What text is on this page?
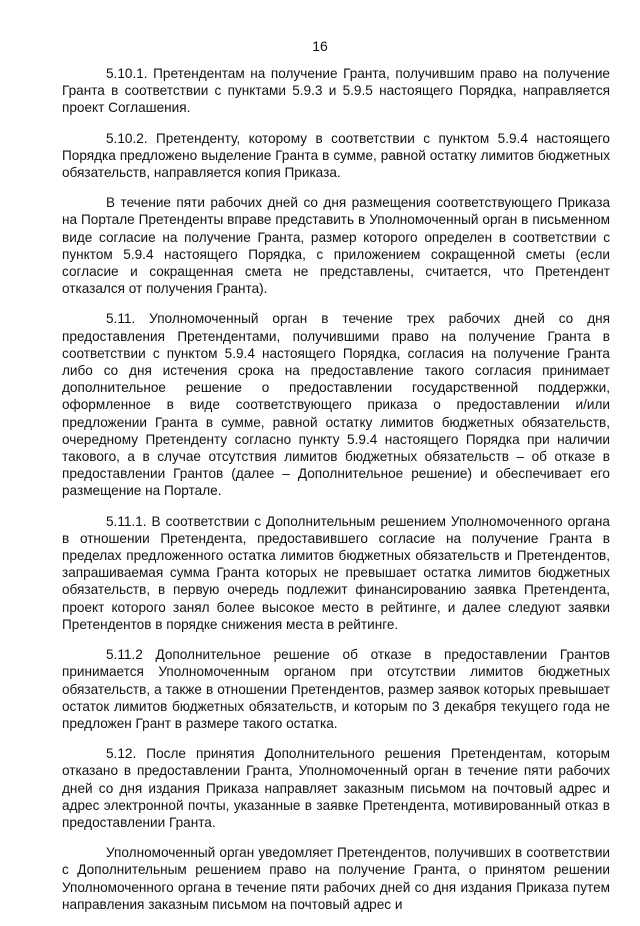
16

5.10.1. Претендентам на получение Гранта, получившим право на получение Гранта в соответствии с пунктами 5.9.3 и 5.9.5 настоящего Порядка, направляется проект Соглашения.

5.10.2. Претенденту, которому в соответствии с пунктом 5.9.4 настоящего Порядка предложено выделение Гранта в сумме, равной остатку лимитов бюджетных обязательств, направляется копия Приказа.

В течение пяти рабочих дней со дня размещения соответствующего Приказа на Портале Претенденты вправе представить в Уполномоченный орган в письменном виде согласие на получение Гранта, размер которого определен в соответствии с пунктом 5.9.4 настоящего Порядка, с приложением сокращенной сметы (если согласие и сокращенная смета не представлены, считается, что Претендент отказался от получения Гранта).

5.11. Уполномоченный орган в течение трех рабочих дней со дня предоставления Претендентами, получившими право на получение Гранта в соответствии с пунктом 5.9.4 настоящего Порядка, согласия на получение Гранта либо со дня истечения срока на предоставление такого согласия принимает дополнительное решение о предоставлении государственной поддержки, оформленное в виде соответствующего приказа о предоставлении и/или предложении Гранта в сумме, равной остатку лимитов бюджетных обязательств, очередному Претенденту согласно пункту 5.9.4 настоящего Порядка при наличии такового, а в случае отсутствия лимитов бюджетных обязательств – об отказе в предоставлении Грантов (далее – Дополнительное решение) и обеспечивает его размещение на Портале.

5.11.1. В соответствии с Дополнительным решением Уполномоченного органа в отношении Претендента, предоставившего согласие на получение Гранта в пределах предложенного остатка лимитов бюджетных обязательств и Претендентов, запрашиваемая сумма Гранта которых не превышает остатка лимитов бюджетных обязательств, в первую очередь подлежит финансированию заявка Претендента, проект которого занял более высокое место в рейтинге, и далее следуют заявки Претендентов в порядке снижения места в рейтинге.

5.11.2 Дополнительное решение об отказе в предоставлении Грантов принимается Уполномоченным органом при отсутствии лимитов бюджетных обязательств, а также в отношении Претендентов, размер заявок которых превышает остаток лимитов бюджетных обязательств, и которым по 3 декабря текущего года не предложен Грант в размере такого остатка.

5.12. После принятия Дополнительного решения Претендентам, которым отказано в предоставлении Гранта, Уполномоченный орган в течение пяти рабочих дней со дня издания Приказа направляет заказным письмом на почтовый адрес и адрес электронной почты, указанные в заявке Претендента, мотивированный отказ в предоставлении Гранта.

Уполномоченный орган уведомляет Претендентов, получивших в соответствии с Дополнительным решением право на получение Гранта, о принятом решении Уполномоченного органа в течение пяти рабочих дней со дня издания Приказа путем направления заказным письмом на почтовый адрес и
